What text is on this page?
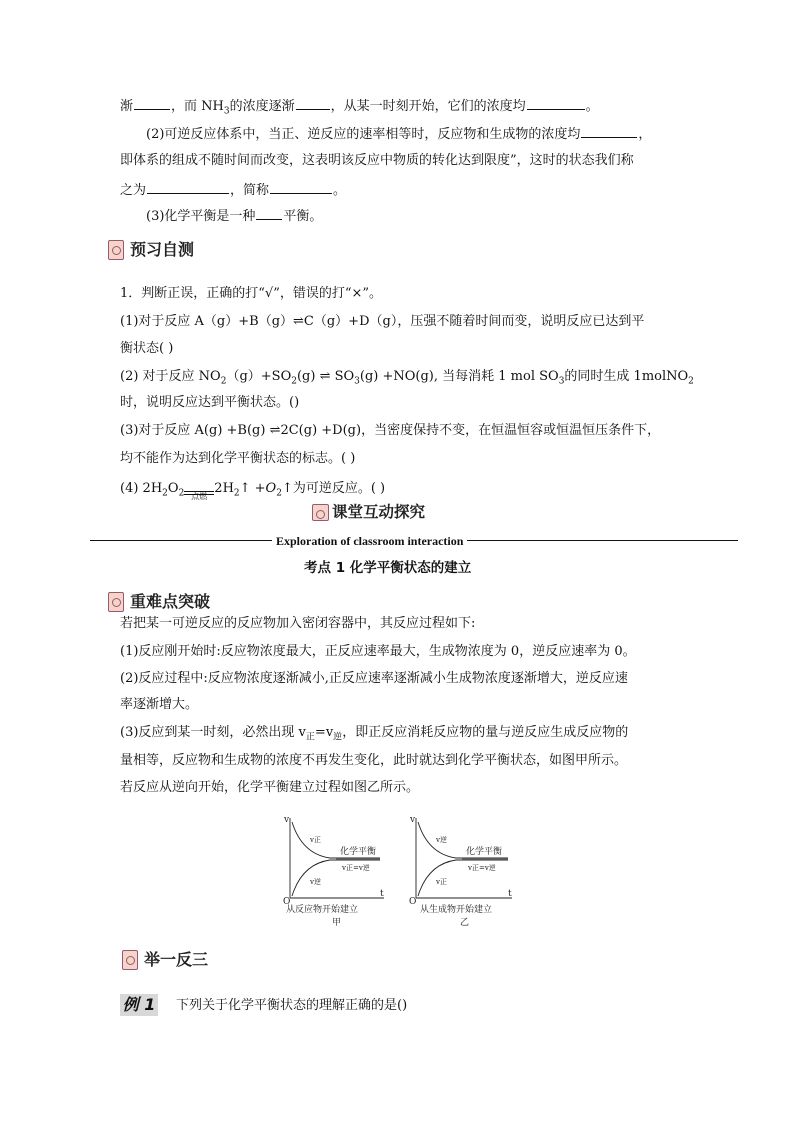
渐	，而 $NH_3$的浓度逐渐	，从某一时刻开始，它们的浓度均	。
(2)可逆反应体系中，当正、逆反应的速率相等时，反应物和生成物的浓度均	，
即体系的组成不随时间而改变，这表明该反应中物质的转化达到限度”，这时的状态我们称
之为	，简称	。
(3)化学平衡是一种 平衡。
预习自测
1．判断正误，正确的打“√”，错误的打“×”。
(1)对于反应 A（g）+B（g）⇌C（g）+D（g），压强不随着时间而变，说明反应已达到平
衡状态( )
(2) 对于反应 $NO_2(g)+SO_2(g)$ ⇌ $SO_3(g) +NO(g)$, 当每消耗 1 mol $SO_3$的同时生成 1molNO$_2$
时，说明反应达到平衡状态。()
(3)对于反应 A(g) +B(g) ⇌2C(g) +D(g)，当密度保持不变，在恒温恒容或恒温恒压条件下，
均不能作为达到化学平衡状态的标志。( )
(4) $2H_2O_2$ 点燃
$2H_2↑$ $+O_2↑$为可逆反应。( )
课堂互动探究
Exploration of classroom interaction
考点 1 化学平衡状态的建立
重难点突破
若把某一可逆反应的反应物加入密闭容器中，其反应过程如下:
(1)反应刚开始时:反应物浓度最大，正反应速率最大，生成物浓度为 0，逆反应速率为 0。
(2)反应过程中:反应物浓度逐渐减小,正反应速率逐渐减小生成物浓度逐渐增大，逆反应速
率逐渐增大。
(3)反应到某一时刻，必然出现 $v_正=v_逆$，即正反应消耗反应物的量与逆反应生成反应物的
量相等，反应物和生成物的浓度不再发生变化，此时就达到化学平衡状态，如图甲所示。
若反应从逆向开始，化学平衡建立过程如图乙所示。
v
t
O
v正
v逆
化学平衡
v正=v逆
从反应物开始建立
甲
v
t
O
v逆
v正
化学平衡
v正=v逆
从生成物开始建立
乙
举一反三
例 1 下列关于化学平衡状态的理解正确的是()
